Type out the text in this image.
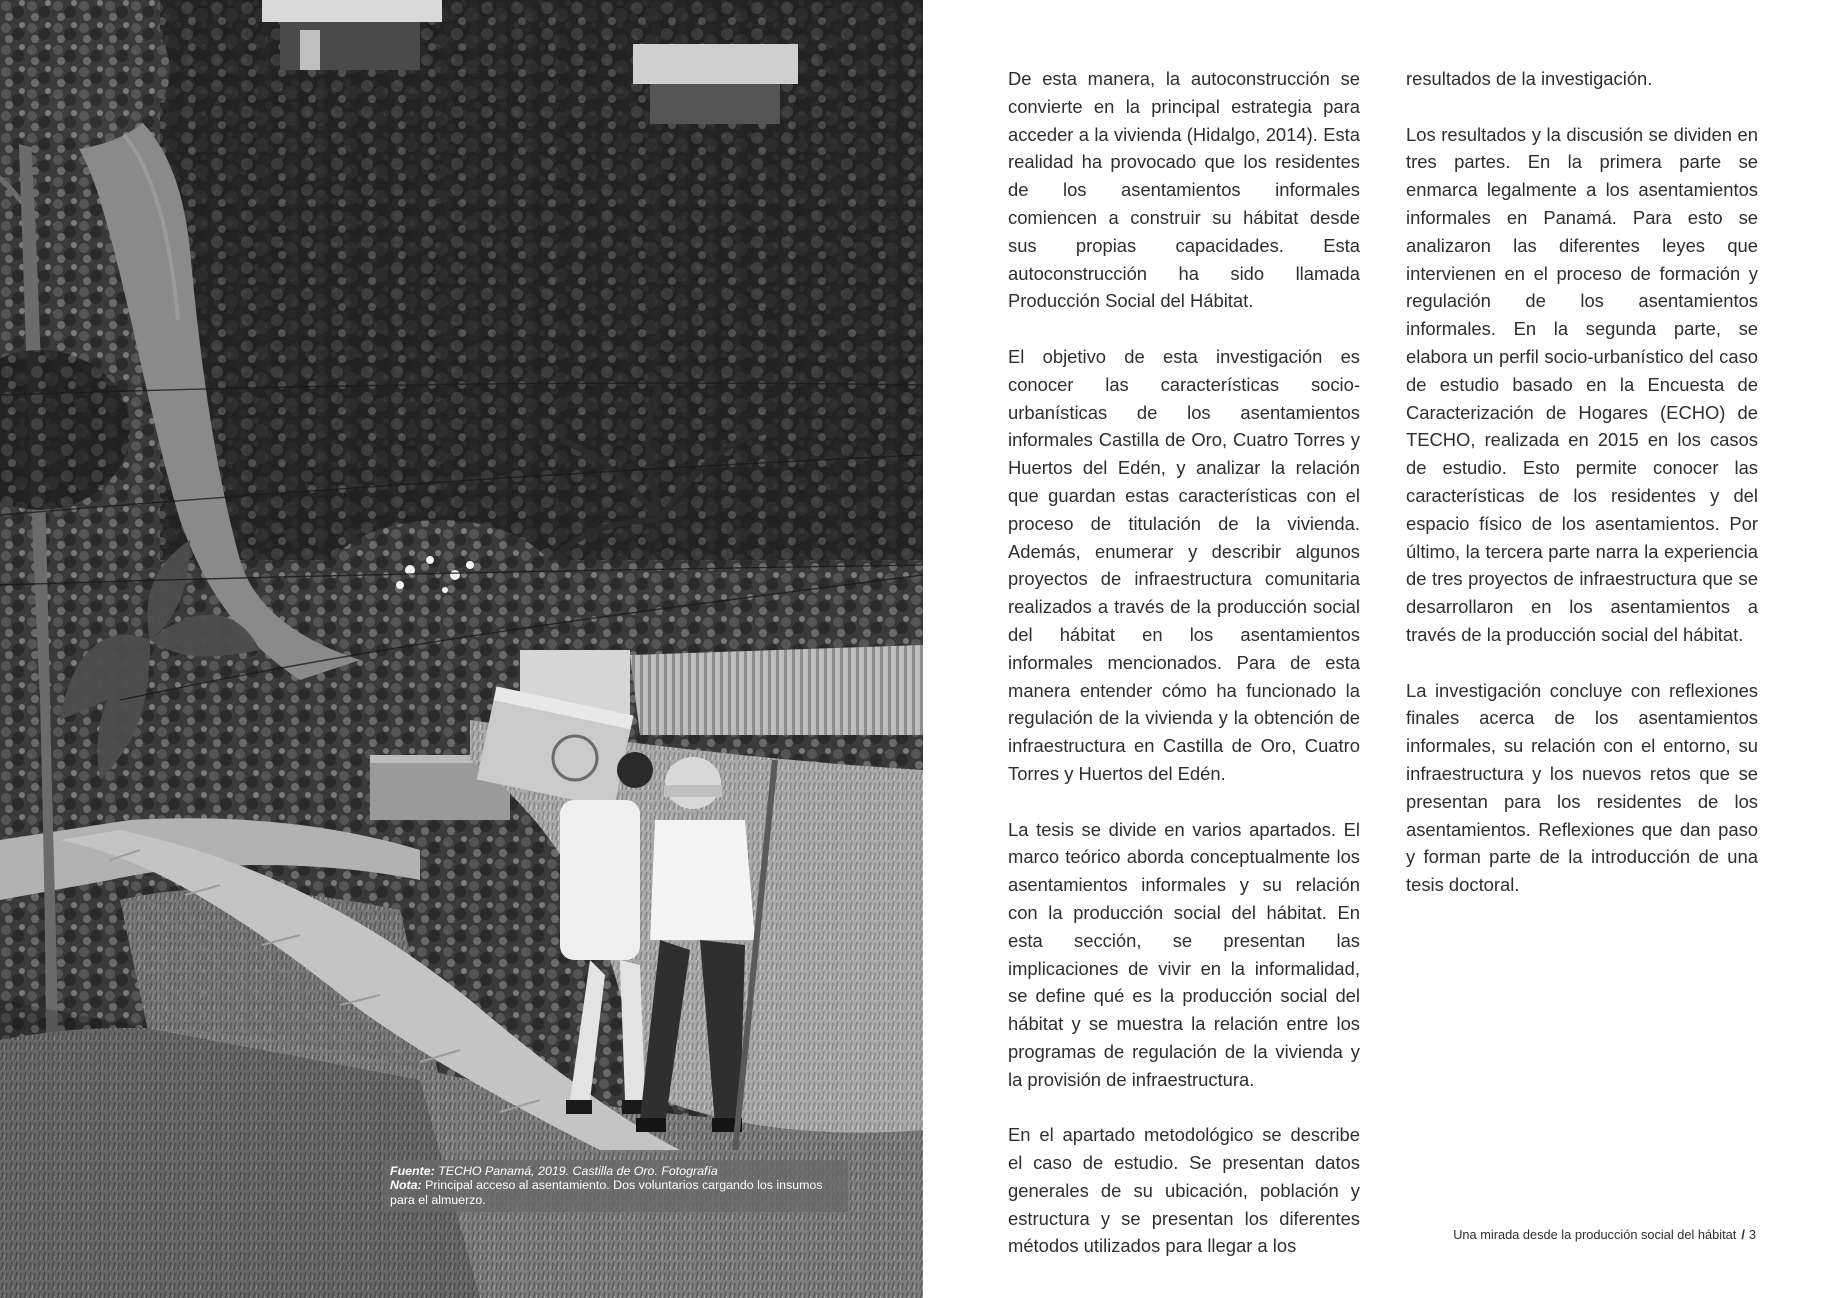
Fuente: TECHO Panamá, 2019. Castilla de Oro. Fotografía
Nota: Principal acceso al asentamiento. Dos voluntarios cargando los insumos para el almuerzo.

De esta manera, la autoconstrucción se convierte en la principal estrategia para acceder a la vivienda (Hidalgo, 2014). Esta realidad ha provocado que los residentes de los asentamientos informales comiencen a construir su hábitat desde sus propias capacidades. Esta autoconstrucción ha sido llamada Producción Social del Hábitat.

El objetivo de esta investigación es conocer las características socio-urbanísticas de los asentamientos informales Castilla de Oro, Cuatro Torres y Huertos del Edén, y analizar la relación que guardan estas características con el proceso de titulación de la vivienda. Además, enumerar y describir algunos proyectos de infraestructura comunitaria realizados a través de la producción social del hábitat en los asentamientos informales mencionados. Para de esta manera entender cómo ha funcionado la regulación de la vivienda y la obtención de infraestructura en Castilla de Oro, Cuatro Torres y Huertos del Edén.

La tesis se divide en varios apartados. El marco teórico aborda conceptualmente los asentamientos informales y su relación con la producción social del hábitat. En esta sección, se presentan las implicaciones de vivir en la informalidad, se define qué es la producción social del hábitat y se muestra la relación entre los programas de regulación de la vivienda y la provisión de infraestructura.

En el apartado metodológico se describe el caso de estudio. Se presentan datos generales de su ubicación, población y estructura y se presentan los diferentes métodos utilizados para llegar a los

resultados de la investigación.

Los resultados y la discusión se dividen en tres partes. En la primera parte se enmarca legalmente a los asentamientos informales en Panamá. Para esto se analizaron las diferentes leyes que intervienen en el proceso de formación y regulación de los asentamientos informales. En la segunda parte, se elabora un perfil socio-urbanístico del caso de estudio basado en la Encuesta de Caracterización de Hogares (ECHO) de TECHO, realizada en 2015 en los casos de estudio. Esto permite conocer las características de los residentes y del espacio físico de los asentamientos. Por último, la tercera parte narra la experiencia de tres proyectos de infraestructura que se desarrollaron en los asentamientos a través de la producción social del hábitat.

La investigación concluye con reflexiones finales acerca de los asentamientos informales, su relación con el entorno, su infraestructura y los nuevos retos que se presentan para los residentes de los asentamientos. Reflexiones que dan paso y forman parte de la introducción de una tesis doctoral.

Una mirada desde la producción social del hábitat / 3
